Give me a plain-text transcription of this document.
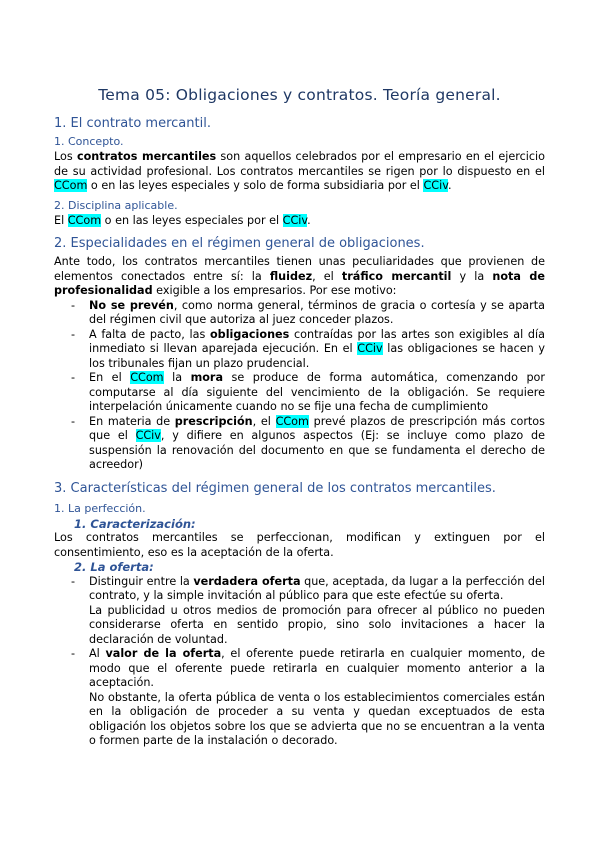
Tema 05: Obligaciones y contratos. Teoría general.
1. El contrato mercantil.
1. Concepto.

Los contratos mercantiles son aquellos celebrados por el empresario en el ejercicio de su actividad profesional. Los contratos mercantiles se rigen por lo dispuesto en el CCom o en las leyes especiales y solo de forma subsidiaria por el CCiv.

2. Disciplina aplicable.

El CCom o en las leyes especiales por el CCiv.

2. Especialidades en el régimen general de obligaciones.

Ante todo, los contratos mercantiles tienen unas peculiaridades que provienen de elementos conectados entre sí: la fluidez, el tráfico mercantil y la nota de profesionalidad exigible a los empresarios. Por ese motivo:

- No se prevén, como norma general, términos de gracia o cortesía y se aparta del régimen civil que autoriza al juez conceder plazos.
- A falta de pacto, las obligaciones contraídas por las artes son exigibles al día inmediato si llevan aparejada ejecución. En el CCiv las obligaciones se hacen y los tribunales fijan un plazo prudencial.
- En el CCom la mora se produce de forma automática, comenzando por computarse al día siguiente del vencimiento de la obligación. Se requiere interpelación únicamente cuando no se fije una fecha de cumplimiento
- En materia de prescripción, el CCom prevé plazos de prescripción más cortos que el CCiv, y difiere en algunos aspectos (Ej: se incluye como plazo de suspensión la renovación del documento en que se fundamenta el derecho de acreedor)
3. Características del régimen general de los contratos mercantiles.
1. La perfección.
1. Caracterización:

Los contratos mercantiles se perfeccionan, modifican y extinguen por el consentimiento, eso es la aceptación de la oferta.

2. La oferta:
- Distinguir entre la verdadera oferta que, aceptada, da lugar a la perfección del contrato, y la simple invitación al público para que este efectúe su oferta.
La publicidad u otros medios de promoción para ofrecer al público no pueden considerarse oferta en sentido propio, sino solo invitaciones a hacer la declaración de voluntad.
- Al valor de la oferta, el oferente puede retirarla en cualquier momento, de modo que el oferente puede retirarla en cualquier momento anterior a la aceptación.
No obstante, la oferta pública de venta o los establecimientos comerciales están en la obligación de proceder a su venta y quedan exceptuados de esta obligación los objetos sobre los que se advierta que no se encuentran a la venta o formen parte de la instalación o decorado.
